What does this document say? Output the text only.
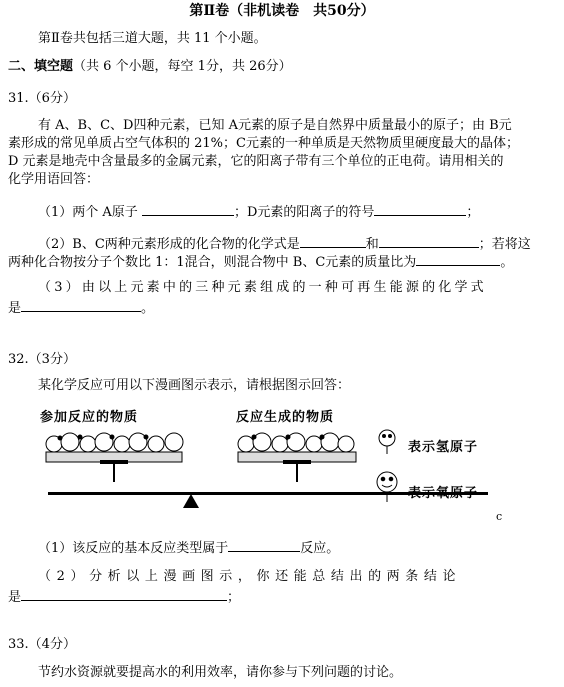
第Ⅱ卷（非机读卷　共50分）
第Ⅱ卷共包括三道大题，共 11 个小题。
二、填空题（共 6 个小题，每空 1分，共 26分）
31.（6分）
有 A、B、C、D四种元素，已知 A元素的原子是自然界中质量最小的原子；由 B元
素形成的常见单质占空气体积的 21%；C元素的一种单质是天然物质里硬度最大的晶体；
D 元素是地壳中含量最多的金属元素，它的阳离子带有三个单位的正电荷。请用相关的
化学用语回答：
（1）两个 A原子	；D元素的阳离子的符号	；
（2）B、C两种元素形成的化合物的化学式是	和	；若将这
两种化合物按分子个数比 1：1混合，则混合物中 B、C元素的质量比为	。
（3）由以上元素中的三种元素组成的一种可再生能源的化学式
是	。
32.（3分）
某化学反应可用以下漫画图示表示，请根据图示回答：
参加反应的物质	反应生成的物质
表示氢原子
表示氧原子
c
（1）该反应的基本反应类型属于	反应。
（2）分析以上漫画图示，你还能总结出的两条结论
是	；
33.（4分）
节约水资源就要提高水的利用效率，请你参与下列问题的讨论。
